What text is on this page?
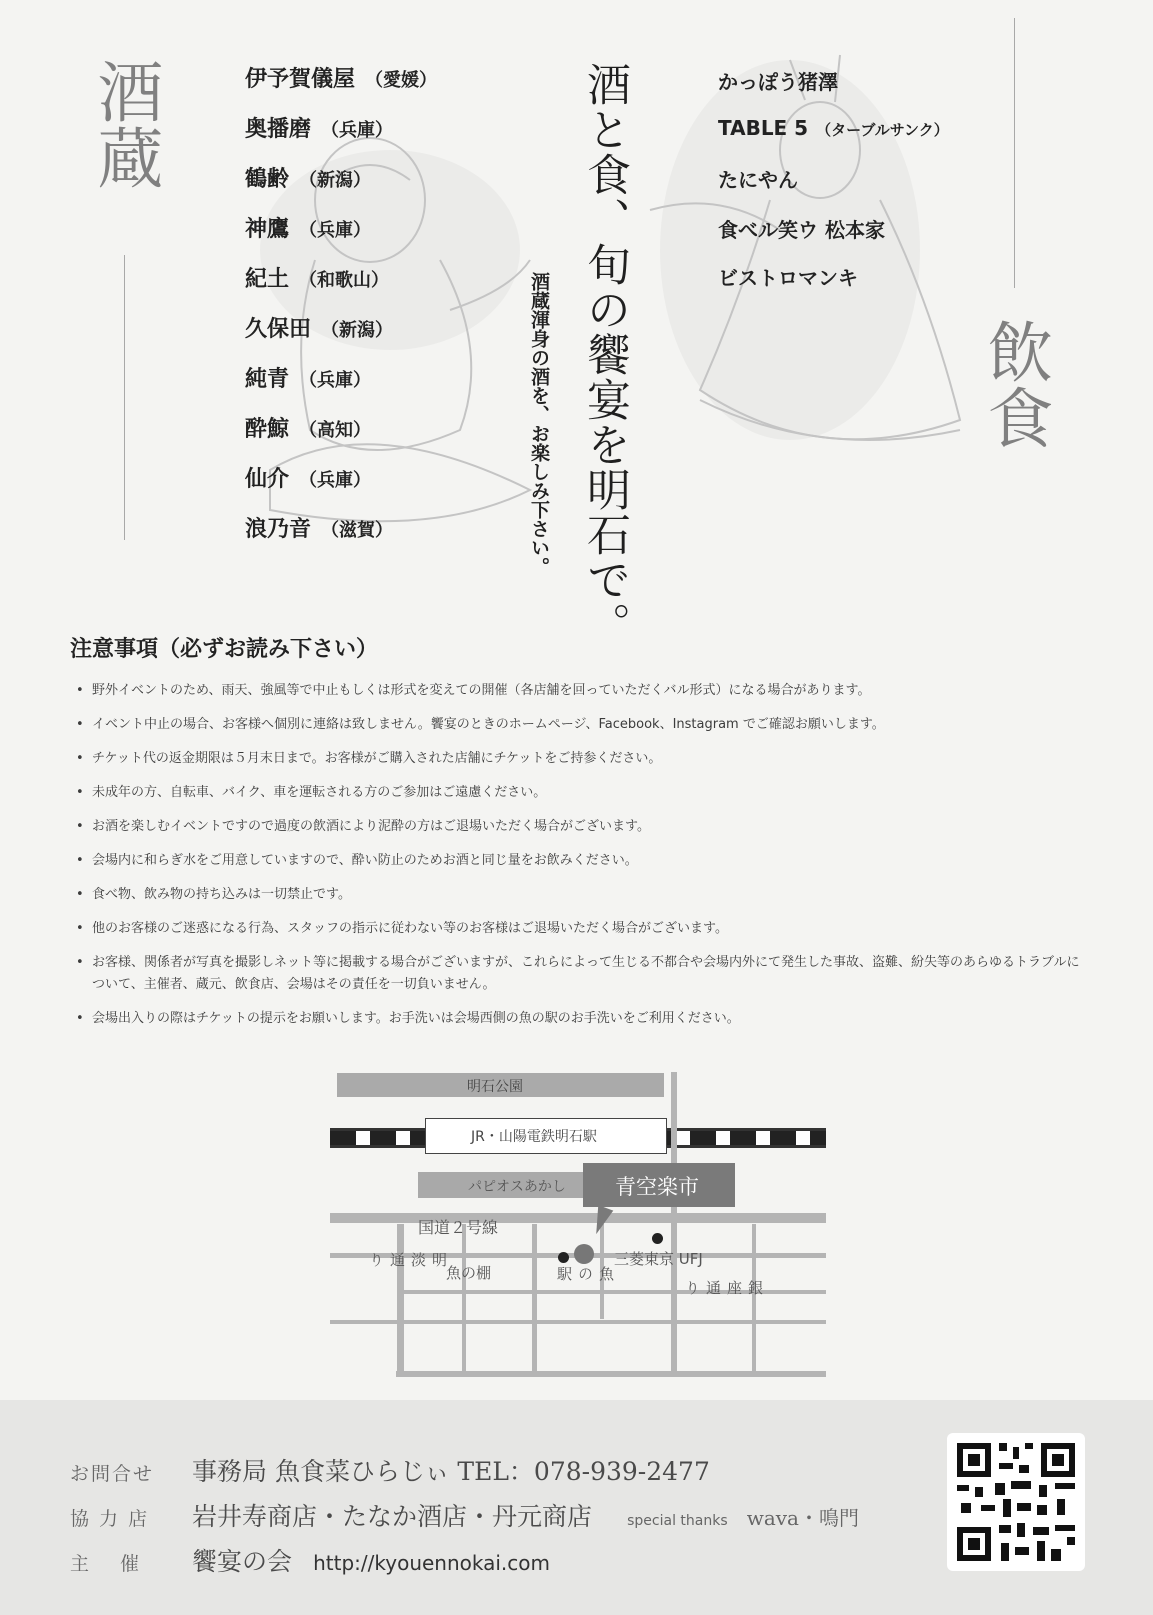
酒蔵	伊予賀儀屋 （愛媛）
奥播磨 （兵庫）
鶴齢 （新潟）
神鷹 （兵庫）
紀土 （和歌山）
久保田 （新潟）
純青 （兵庫）
酔鯨 （高知）
仙介 （兵庫）
浪乃音 （滋賀）	酒と食、旬の饗宴を明石で。
酒蔵渾身の酒を、お楽しみ下さい。
かっぽう猪澤
TABLE 5 （ターブルサンク）
たにやん
食べル笑ウ 松本家
ビストロマンキ
飲食
注意事項（必ずお読み下さい）
• 野外イベントのため、雨天、強風等で中止もしくは形式を変えての開催（各店舗を回っていただくバル形式）になる場合があります。
• イベント中止の場合、お客様へ個別に連絡は致しません。饗宴のときのホームページ、Facebook、Instagram でご確認お願いします。
• チケット代の返金期限は５月末日まで。お客様がご購入された店舗にチケットをご持参ください。
• 未成年の方、自転車、バイク、車を運転される方のご参加はご遠慮ください。
• お酒を楽しむイベントですので過度の飲酒により泥酔の方はご退場いただく場合がございます。
• 会場内に和らぎ水をご用意していますので、酔い防止のためお酒と同じ量をお飲みください。
• 食べ物、飲み物の持ち込みは一切禁止です。
• 他のお客様のご迷惑になる行為、スタッフの指示に従わない等のお客様はご退場いただく場合がございます。
• お客様、関係者が写真を撮影しネット等に掲載する場合がございますが、これらによって生じる不都合や会場内外にて発生した事故、盗難、紛失等のあらゆるトラブルについて、主催者、蔵元、飲食店、会場はその責任を一切負いません。
• 会場出入りの際はチケットの提示をお願いします。お手洗いは会場西側の魚の駅のお手洗いをご利用ください。
明石公園
JR・山陽電鉄明石駅
パピオスあかし 青空楽市
国道２号線
魚の棚
三菱東京 UFJ
明淡通り
魚の駅
銀座通り
お問合せ 事務局 魚食菜ひらじぃ TEL：078-939-2477
協 力 店 岩井寿商店・たなか酒店・丹元商店	special thanks wava・鳴門
主　 催 饗宴の会 http://kyouennokai.com
